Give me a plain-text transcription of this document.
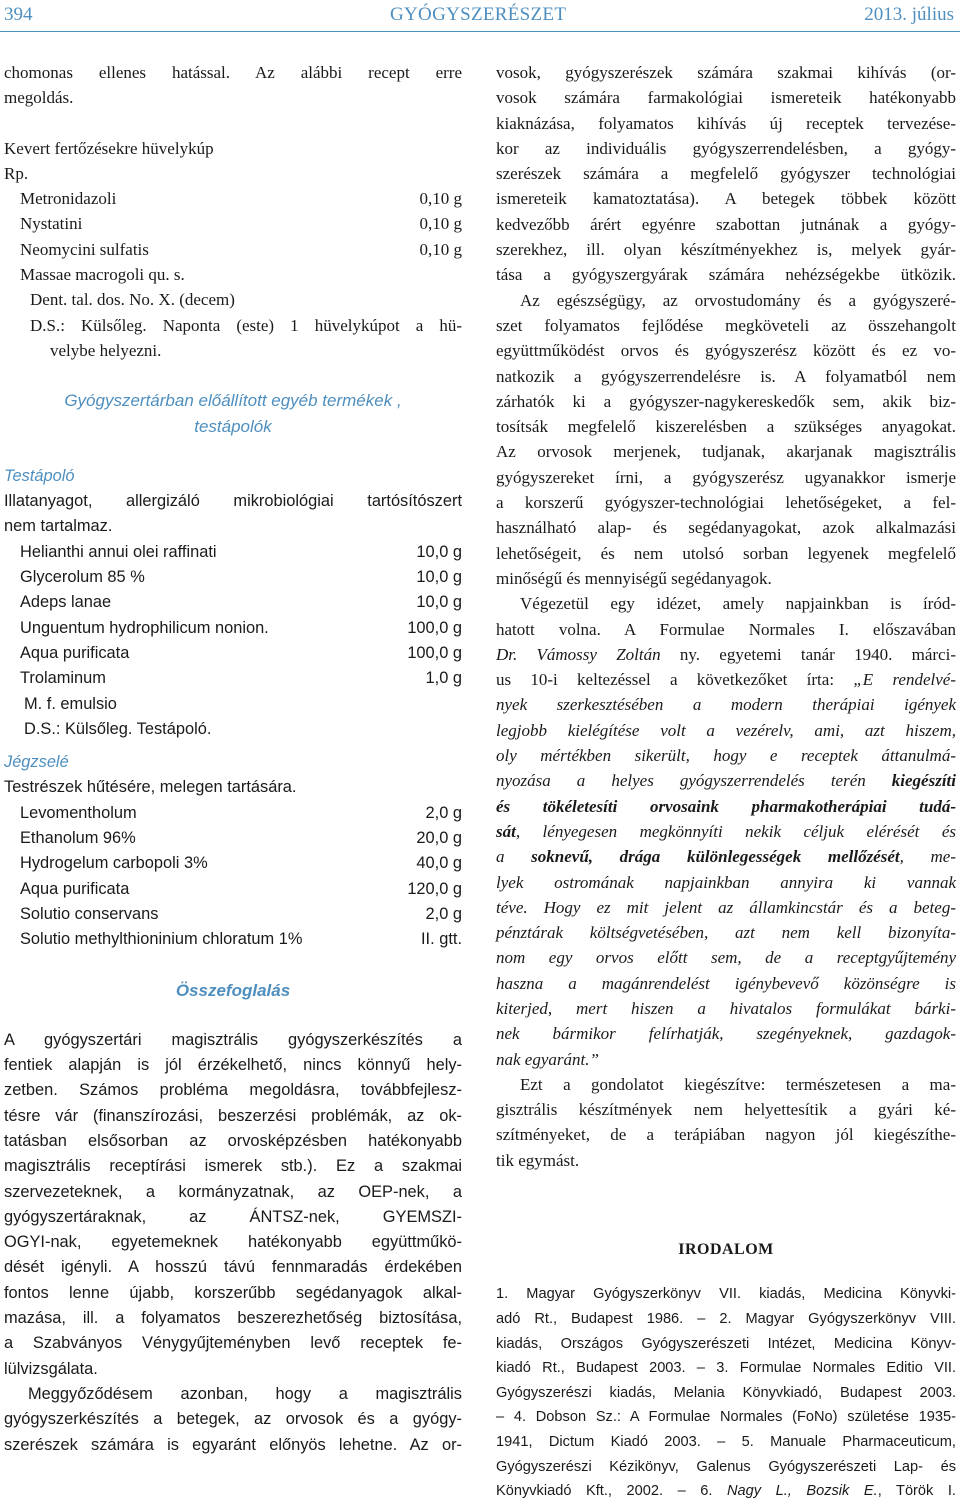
394	GYÓGYSZERÉSZET	2013. július

chomonas ellenes hatással. Az alábbi recept erre

megoldás.

Kevert fertőzésekre hüvelykúp

Rp.

Metronidazoli	0,10 g
Nystatini	0,10 g
Neomycini sulfatis	0,10 g

Massae macrogoli qu. s.

Dent. tal. dos. No. X. (decem)

D.S.: Külsőleg. Naponta (este) 1 hüvelykúpot a hü-

velybe helyezni.

Gyógyszertárban előállított egyéb termékek ,

testápolók

Testápoló

Illatanyagot, allergizáló mikrobiológiai tartósítószert

nem tartalmaz.

Helianthi annui olei raffinati	10,0 g
Glycerolum 85 %	10,0 g
Adeps lanae	10,0 g
Unguentum hydrophilicum nonion.	100,0 g
Aqua purificata	100,0 g
Trolaminum	1,0 g

M. f. emulsio

D.S.: Külsőleg. Testápoló.

Jégzselé

Testrészek hűtésére, melegen tartására.

Levomentholum	2,0 g
Ethanolum 96%	20,0 g
Hydrogelum carbopoli 3%	40,0 g
Aqua purificata	120,0 g
Solutio conservans	2,0 g
Solutio methylthioninium chloratum 1%	II. gtt.

Összefoglalás

A gyógyszertári magisztrális gyógyszerkészítés a

fentiek alapján is jól érzékelhető, nincs könnyű hely-

zetben. Számos probléma megoldásra, továbbfejlesz-

tésre vár (finanszírozási, beszerzési problémák, az ok-

tatásban elsősorban az orvosképzésben hatékonyabb

magisztrális receptírási ismerek stb.). Ez a szakmai

szervezeteknek, a kormányzatnak, az OEP-nek, a

gyógyszertáraknak, az ÁNTSZ-nek, GYEMSZI-

OGYI-nak, egyetemeknek hatékonyabb együttműkö-

dését igényli. A hosszú távú fennmaradás érdekében

fontos lenne újabb, korszerűbb segédanyagok alkal-

mazása, ill. a folyamatos beszerezhetőség biztosítása,

a Szabványos Vénygyűjteményben levő receptek fe-

lülvizsgálata.

Meggyőződésem azonban, hogy a magisztrális

gyógyszerkészítés a betegek, az orvosok és a gyógy-

szerészek számára is egyaránt előnyös lehetne. Az or-

vosok, gyógyszerészek számára szakmai kihívás (or-

vosok számára farmakológiai ismereteik hatékonyabb

kiaknázása, folyamatos kihívás új receptek tervezése-

kor az individuális gyógyszerrendelésben, a gyógy-

szerészek számára a megfelelő gyógyszer technológiai

ismereteik kamatoztatása). A betegek többek között

kedvezőbb árért egyénre szabottan jutnának a gyógy-

szerekhez, ill. olyan készítményekhez is, melyek gyár-

tása a gyógyszergyárak számára nehézségekbe ütközik.

Az egészségügy, az orvostudomány és a gyógyszeré-

szet folyamatos fejlődése megköveteli az összehangolt

együttműködést orvos és gyógyszerész között és ez vo-

natkozik a gyógyszerrendelésre is. A folyamatból nem

zárhatók ki a gyógyszer-nagykereskedők sem, akik biz-

tosítsák megfelelő kiszerelésben a szükséges anyagokat.

Az orvosok merjenek, tudjanak, akarjanak magisztrális

gyógyszereket írni, a gyógyszerész ugyanakkor ismerje

a korszerű gyógyszer-technológiai lehetőségeket, a fel-

használható alap- és segédanyagokat, azok alkalmazási

lehetőségeit, és nem utolsó sorban legyenek megfelelő

minőségű és mennyiségű segédanyagok.

Végezetül egy idézet, amely napjainkban is íród-

hatott volna. A Formulae Normales I. előszavában

Dr. Vámossy Zoltán ny. egyetemi tanár 1940. márci-

us 10-i keltezéssel a következőket írta: „E rendelvé-

nyek szerkesztésében a modern therápiai igények

legjobb kielégítése volt a vezérelv, ami, azt hiszem,

oly mértékben sikerült, hogy e receptek áttanulmá-

nyozása a helyes gyógyszerrendelés terén kiegészíti

és tökéletesíti orvosaink pharmakotherápiai tudá-

sát, lényegesen megkönnyíti nekik céljuk elérését és

a soknevű, drága különlegességek mellőzését, me-

lyek ostromának napjainkban annyira ki vannak

téve. Hogy ez mit jelent az államkincstár és a beteg-

pénztárak költségvetésében, azt nem kell bizonyíta-

nom egy orvos előtt sem, de a receptgyűjtemény

haszna a magánrendelést igénybevevő közönségre is

kiterjed, mert hiszen a hivatalos formulákat bárki-

nek bármikor felírhatják, szegényeknek, gazdagok-

nak egyaránt.”

Ezt a gondolatot kiegészítve: természetesen a ma-

gisztrális készítmények nem helyettesítik a gyári ké-

szítményeket, de a terápiában nagyon jól kiegészíthe-

tik egymást.

IRODALOM

1. Magyar Gyógyszerkönyv VII. kiadás, Medicina Könyvki-

adó Rt., Budapest 1986. – 2. Magyar Gyógyszerkönyv VIII.

kiadás, Országos Gyógyszerészeti Intézet, Medicina Könyv-

kiadó Rt., Budapest 2003. – 3. Formulae Normales Editio VII.

Gyógyszerészi kiadás, Melania Könyvkiadó, Budapest 2003.

– 4. Dobson Sz.: A Formulae Normales (FoNo) születése 1935-

1941, Dictum Kiadó 2003. – 5. Manuale Pharmaceuticum,

Gyógyszerészi Kézikönyv, Galenus Gyógyszerészeti Lap- és

Könyvkiadó Kft., 2002. – 6. Nagy L., Bozsik E., Török I.
